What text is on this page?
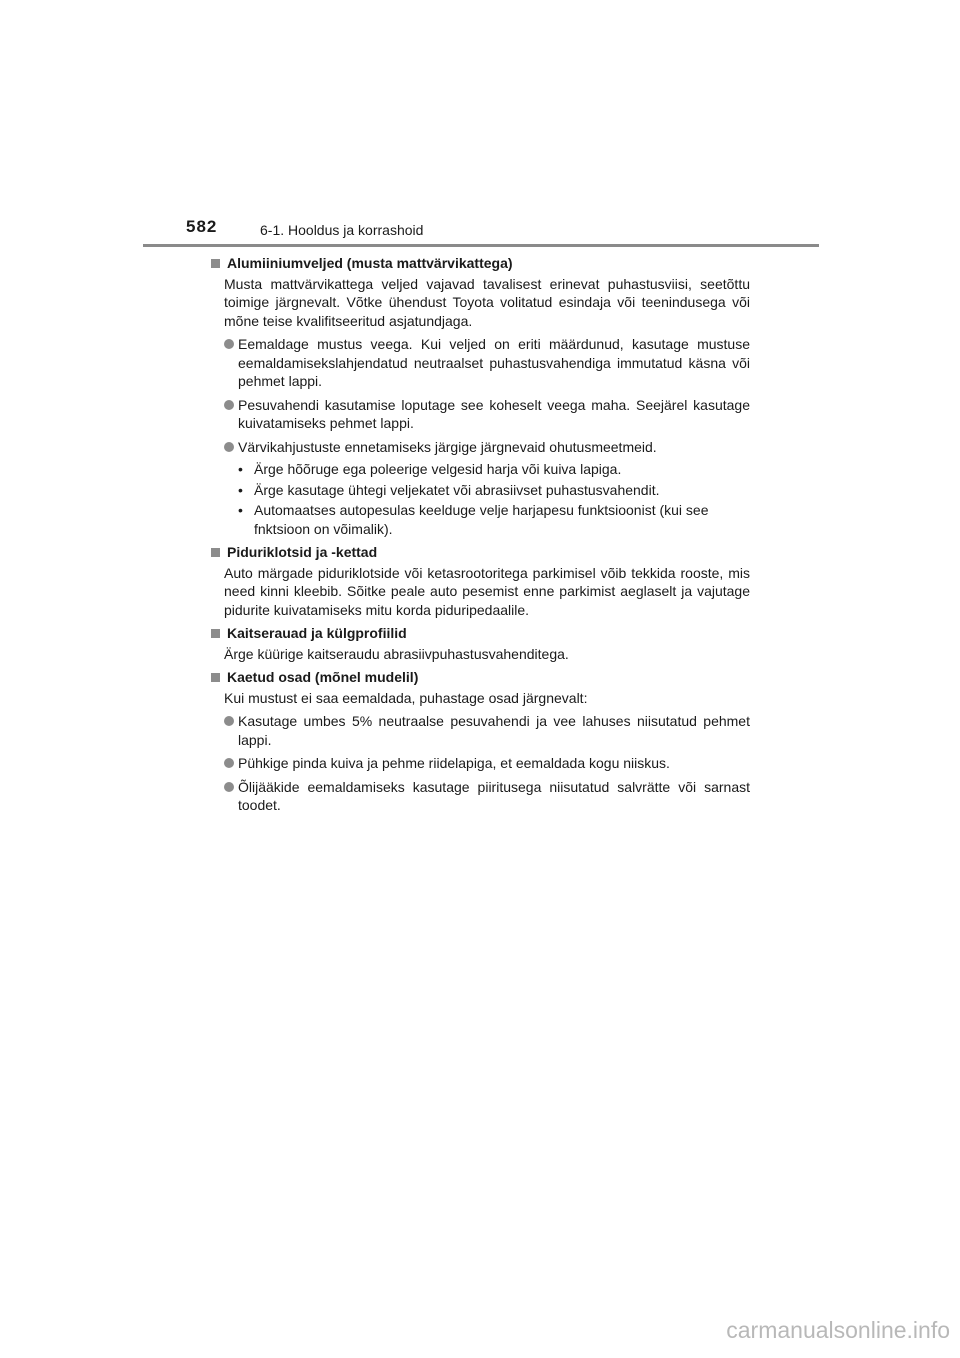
582	6-1. Hooldus ja korrashoid
Alumiiniumveljed (musta mattvärvikattega)

Musta mattvärvikattega veljed vajavad tavalisest erinevat puhastusviisi, seetõttu toimige järgnevalt. Võtke ühendust Toyota volitatud esindaja või teenindusega või mõne teise kvalifitseeritud asjatundjaga.

Eemaldage mustus veega. Kui veljed on eriti määrdunud, kasutage mustuse eemaldamisekslahjendatud neutraalset puhastusvahendiga immutatud käsna või pehmet lappi.
Pesuvahendi kasutamise loputage see koheselt veega maha. Seejärel kasutage kuivatamiseks pehmet lappi.
Värvikahjustuste ennetamiseks järgige järgnevaid ohutusmeetmeid.
• Ärge hõõruge ega poleerige velgesid harja või kuiva lapiga.
• Ärge kasutage ühtegi veljekatet või abrasiivset puhastusvahendit.
• Automaatses autopesulas keelduge velje harjapesu funktsioonist (kui see fnktsioon on võimalik).
Piduriklotsid ja -kettad

Auto märgade piduriklotside või ketasrootoritega parkimisel võib tekkida rooste, mis need kinni kleebib. Sõitke peale auto pesemist enne parkimist aeglaselt ja vajutage pidurite kuivatamiseks mitu korda piduripedaalile.

Kaitserauad ja külgprofiilid

Ärge küürige kaitseraudu abrasiivpuhastusvahenditega.

Kaetud osad (mõnel mudelil)

Kui mustust ei saa eemaldada, puhastage osad järgnevalt:

Kasutage umbes 5% neutraalse pesuvahendi ja vee lahuses niisutatud pehmet lappi.
Pühkige pinda kuiva ja pehme riidelapiga, et eemaldada kogu niiskus.
Õlijääkide eemaldamiseks kasutage piiritusega niisutatud salvrätte või sarnast toodet.
carmanualsonline.info
